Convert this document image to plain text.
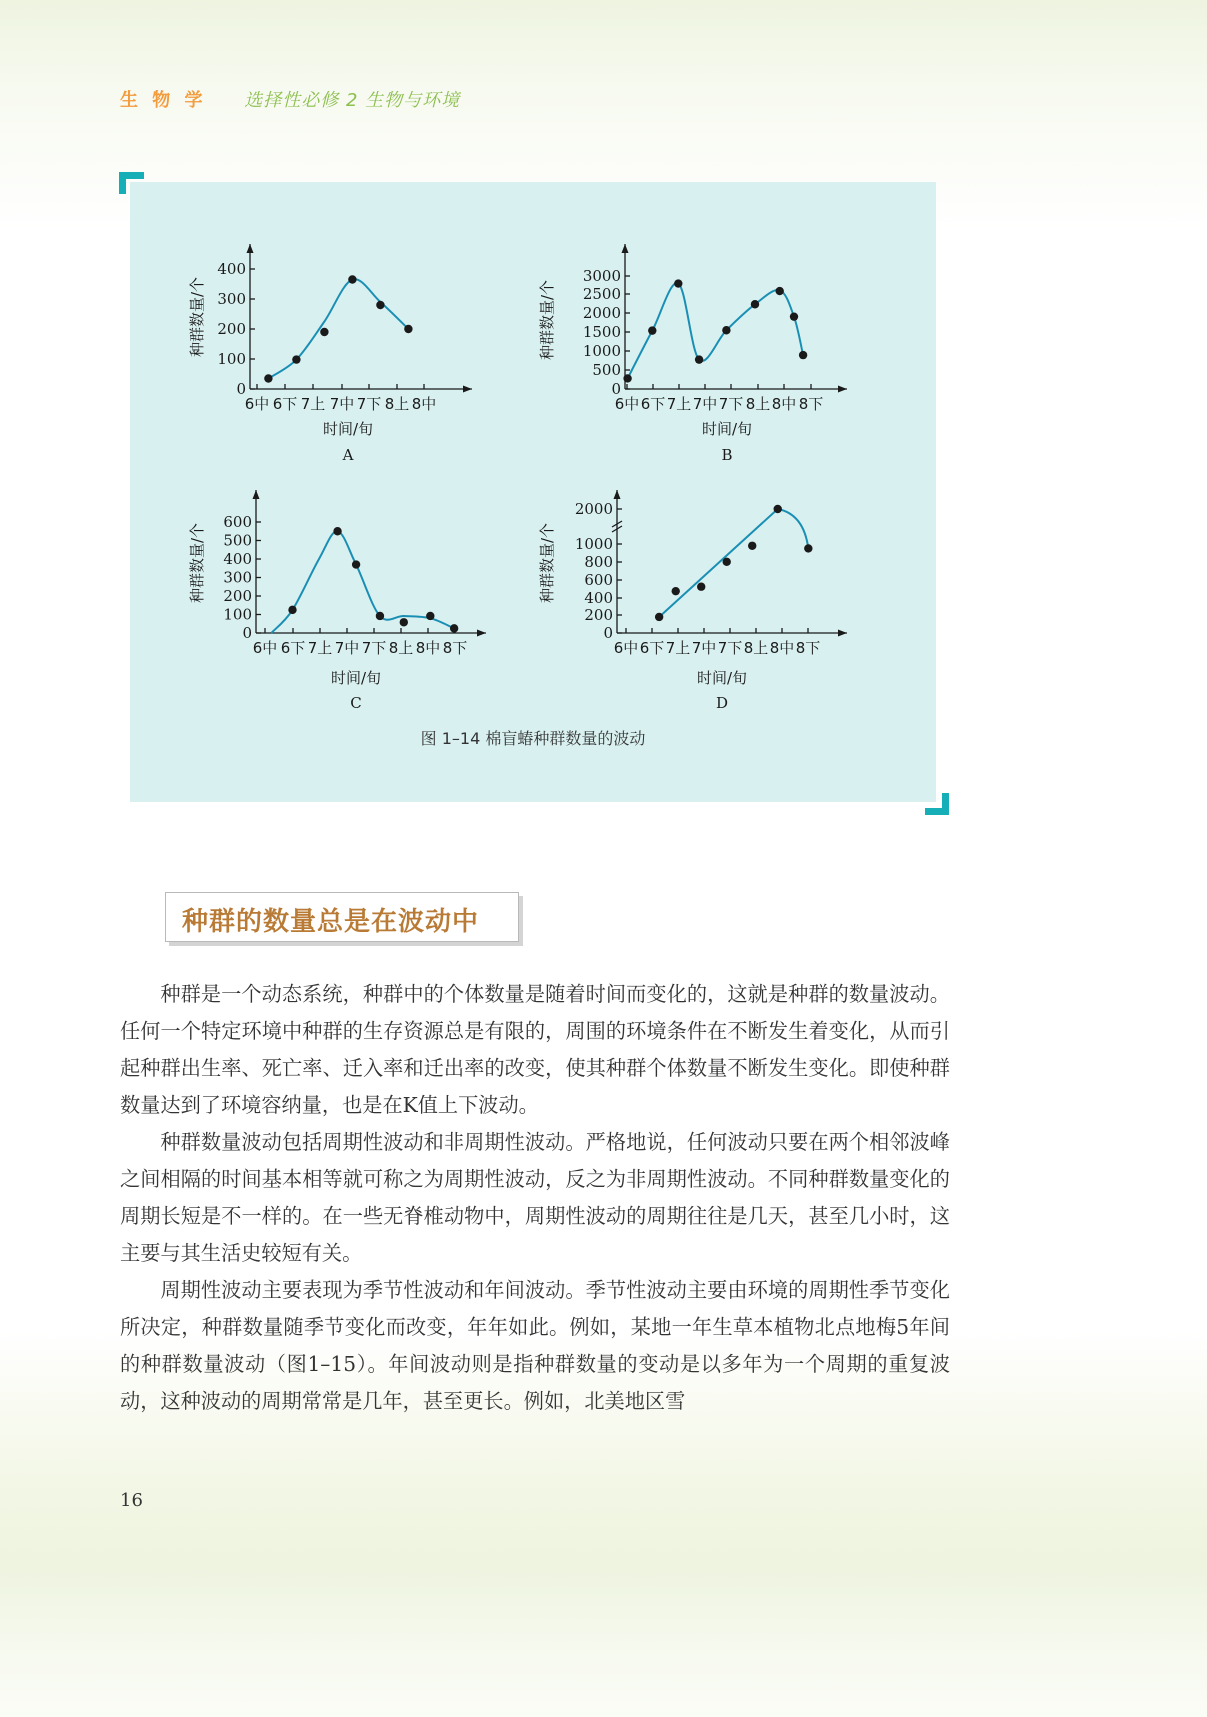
生 物 学 选择性必修 2 生物与环境
0
100
200
300
400
6中 6下 7上 7中 7下 8上 8中
种群数量/个
时间/旬
A
0
500
1000
1500
2000
2500
3000
6中 6下 7上 7中 7下 8上 8中 8下
种群数量/个
时间/旬
B
0
100
200
300
400
500
600
6中 6下 7上 7中 7下 8上 8中 8下
种群数量/个
时间/旬
C
0
200
400
600
800
1000
2000
6中 6下 7上 7中 7下 8上 8中 8下
种群数量/个
时间/旬
D
图 1–14 棉盲蝽种群数量的波动
种群的数量总是在波动中

种群是一个动态系统，种群中的个体数量是随着时间而变化的，这就是种群的数量波动。任何一个特定环境中种群的生存资源总是有限的，周围的环境条件在不断发生着变化，从而引起种群出生率、死亡率、迁入率和迁出率的改变，使其种群个体数量不断发生变化。即使种群数量达到了环境容纳量，也是在K值上下波动。

种群数量波动包括周期性波动和非周期性波动。严格地说，任何波动只要在两个相邻波峰之间相隔的时间基本相等就可称之为周期性波动，反之为非周期性波动。不同种群数量变化的周期长短是不一样的。在一些无脊椎动物中，周期性波动的周期往往是几天，甚至几小时，这主要与其生活史较短有关。

周期性波动主要表现为季节性波动和年间波动。季节性波动主要由环境的周期性季节变化所决定，种群数量随季节变化而改变，年年如此。例如，某地一年生草本植物北点地梅5年间的种群数量波动（图1–15）。年间波动则是指种群数量的变动是以多年为一个周期的重复波动，这种波动的周期常常是几年，甚至更长。例如，北美地区雪

16
